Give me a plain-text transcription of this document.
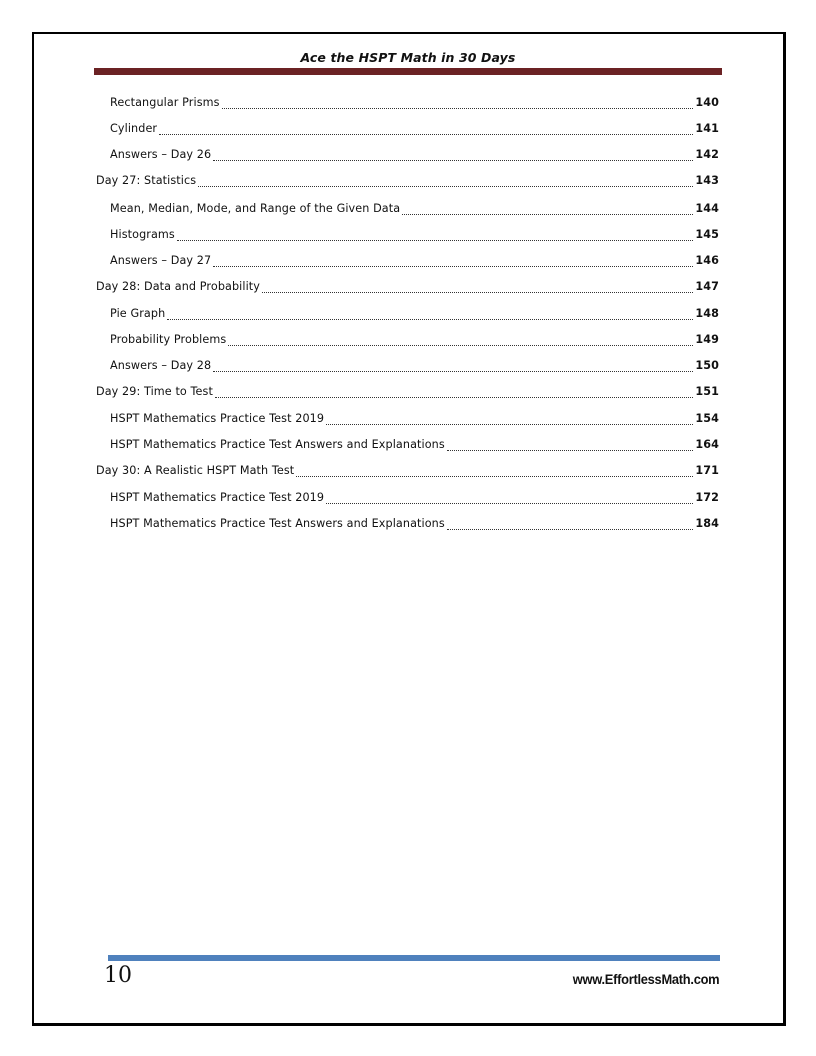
Ace the HSPT Math in 30 Days
Rectangular Prisms	140
Cylinder	141
Answers – Day 26	142
Day 27: Statistics	143
Mean, Median, Mode, and Range of the Given Data	144
Histograms	145
Answers – Day 27	146
Day 28: Data and Probability	147
Pie Graph	148
Probability Problems	149
Answers – Day 28	150
Day 29: Time to Test	151
HSPT Mathematics Practice Test 2019	154
HSPT Mathematics Practice Test Answers and Explanations	164
Day 30: A Realistic HSPT Math Test	171
HSPT Mathematics Practice Test 2019	172
HSPT Mathematics Practice Test Answers and Explanations	184
10	www.EffortlessMath.com
